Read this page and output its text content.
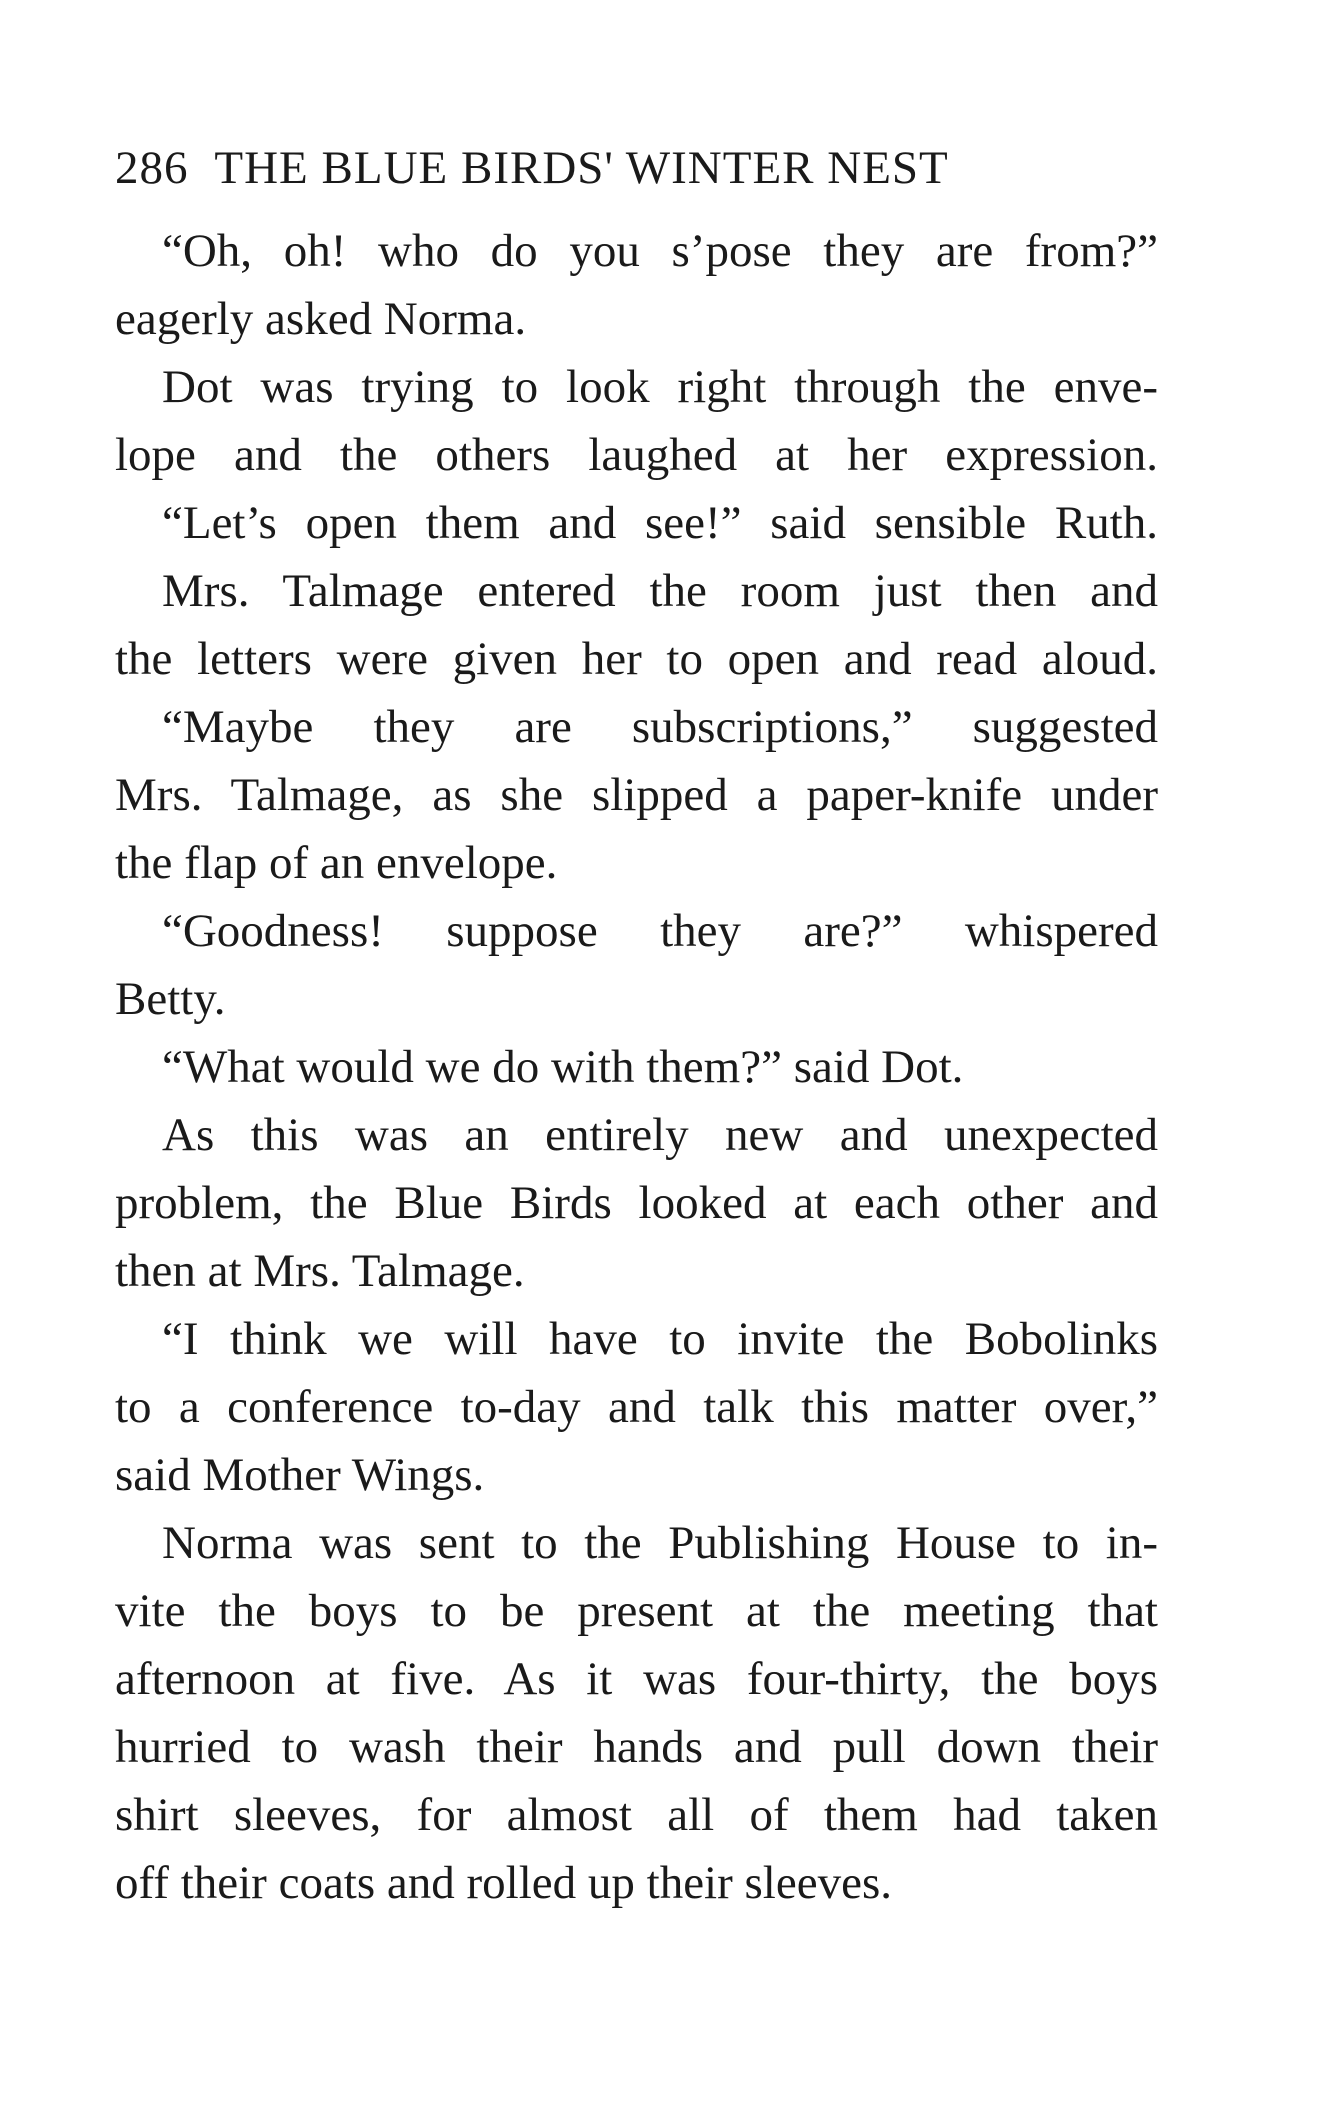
286 THE BLUE BIRDS' WINTER NEST
“Oh, oh! who do you s’pose they are from?”
eagerly asked Norma.
Dot was trying to look right through the enve-
lope and the others laughed at her expression.
“Let’s open them and see!” said sensible Ruth.
Mrs. Talmage entered the room just then and
the letters were given her to open and read aloud.
“Maybe they are subscriptions,” suggested
Mrs. Talmage, as she slipped a paper-knife under
the flap of an envelope.
“Goodness! suppose they are?” whispered
Betty.
“What would we do with them?” said Dot.
As this was an entirely new and unexpected
problem, the Blue Birds looked at each other and
then at Mrs. Talmage.
“I think we will have to invite the Bobolinks
to a conference to-day and talk this matter over,”
said Mother Wings.
Norma was sent to the Publishing House to in-
vite the boys to be present at the meeting that
afternoon at five. As it was four-thirty, the boys
hurried to wash their hands and pull down their
shirt sleeves, for almost all of them had taken
off their coats and rolled up their sleeves.
